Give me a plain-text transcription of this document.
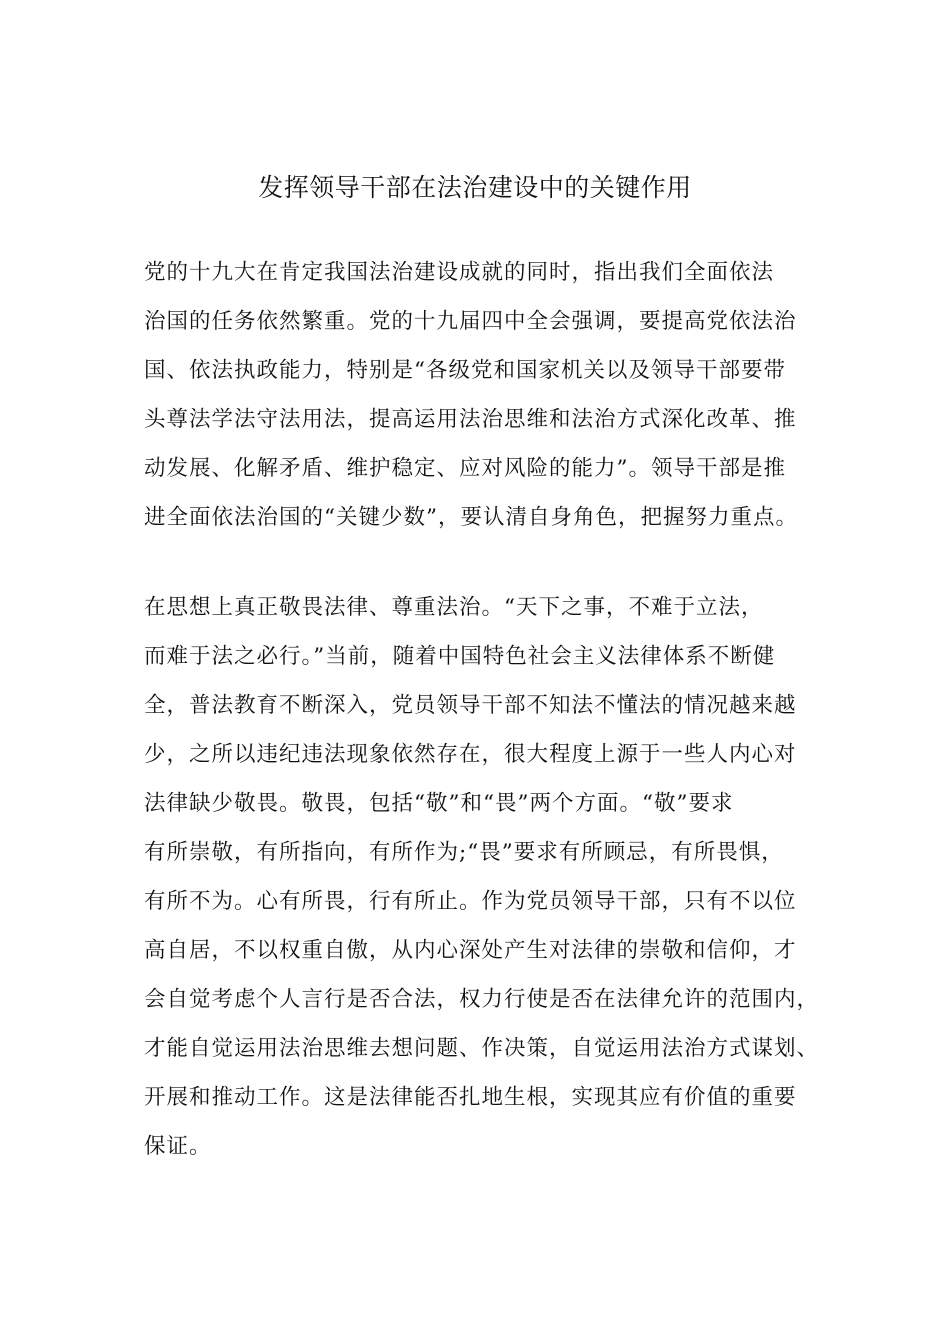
发挥领导干部在法治建设中的关键作用
党的十九大在肯定我国法治建设成就的同时，指出我们全面依法
治国的任务依然繁重。党的十九届四中全会强调，要提高党依法治
国、依法执政能力，特别是“各级党和国家机关以及领导干部要带
头尊法学法守法用法，提高运用法治思维和法治方式深化改革、推
动发展、化解矛盾、维护稳定、应对风险的能力”。领导干部是推
进全面依法治国的“关键少数”，要认清自身角色，把握努力重点。
在思想上真正敬畏法律、尊重法治。“天下之事，不难于立法，
而难于法之必行。”当前，随着中国特色社会主义法律体系不断健
全，普法教育不断深入，党员领导干部不知法不懂法的情况越来越
少，之所以违纪违法现象依然存在，很大程度上源于一些人内心对
法律缺少敬畏。敬畏，包括“敬”和“畏”两个方面。“敬”要求
有所崇敬，有所指向，有所作为;“畏”要求有所顾忌，有所畏惧，
有所不为。心有所畏，行有所止。作为党员领导干部，只有不以位
高自居，不以权重自傲，从内心深处产生对法律的崇敬和信仰，才
会自觉考虑个人言行是否合法，权力行使是否在法律允许的范围内，
才能自觉运用法治思维去想问题、作决策，自觉运用法治方式谋划、
开展和推动工作。这是法律能否扎地生根，实现其应有价值的重要
保证。
